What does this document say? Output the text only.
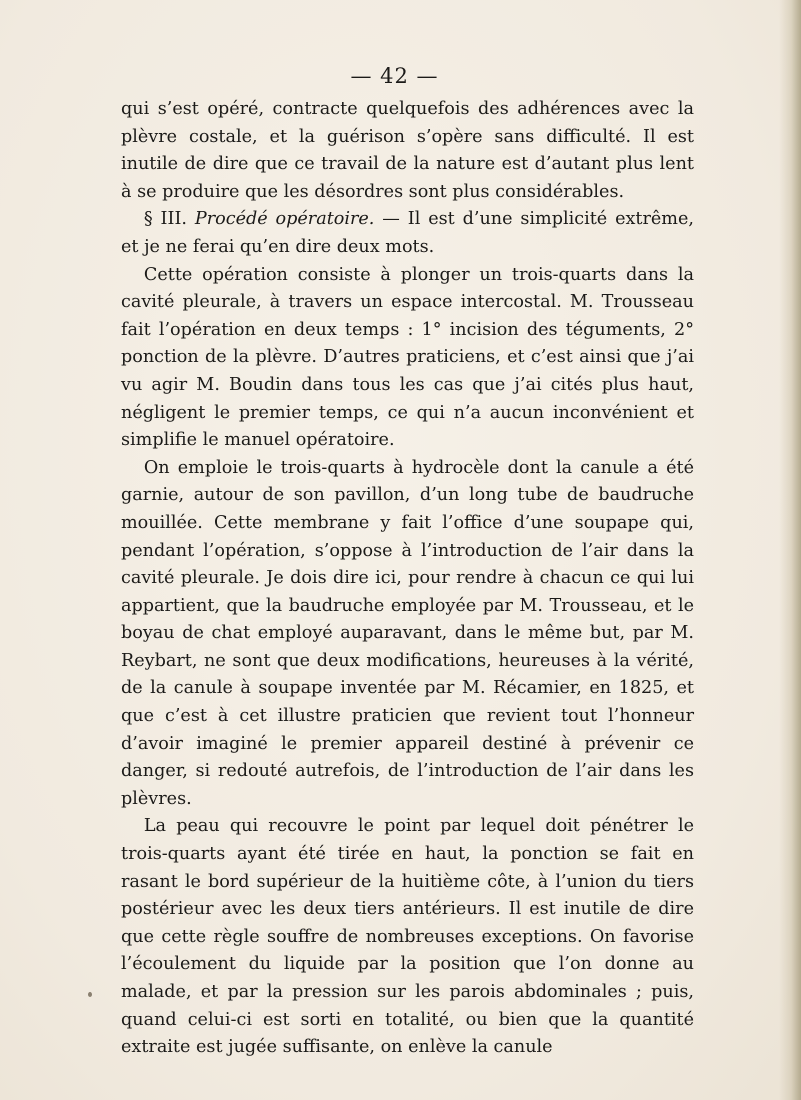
— 42 —

qui s’est opéré, contracte quelquefois des adhérences avec la plèvre costale, et la guérison s’opère sans difficulté. Il est inutile de dire que ce travail de la nature est d’autant plus lent à se produire que les désordres sont plus considérables.

§ III. Procédé opératoire. — Il est d’une simplicité extrême, et je ne ferai qu’en dire deux mots.

Cette opération consiste à plonger un trois-quarts dans la cavité pleurale, à travers un espace intercostal. M. Trousseau fait l’opération en deux temps : 1° incision des téguments, 2° ponction de la plèvre. D’autres praticiens, et c’est ainsi que j’ai vu agir M. Boudin dans tous les cas que j’ai cités plus haut, négligent le premier temps, ce qui n’a aucun inconvénient et simplifie le manuel opératoire.

On emploie le trois-quarts à hydrocèle dont la canule a été garnie, autour de son pavillon, d’un long tube de baudruche mouillée. Cette membrane y fait l’office d’une soupape qui, pendant l’opération, s’oppose à l’introduction de l’air dans la cavité pleurale. Je dois dire ici, pour rendre à chacun ce qui lui appartient, que la baudruche employée par M. Trousseau, et le boyau de chat employé auparavant, dans le même but, par M. Reybart, ne sont que deux modifications, heureuses à la vérité, de la canule à soupape inventée par M. Récamier, en 1825, et que c’est à cet illustre praticien que revient tout l’honneur d’avoir imaginé le premier appareil destiné à prévenir ce danger, si redouté autrefois, de l’introduction de l’air dans les plèvres.

La peau qui recouvre le point par lequel doit pénétrer le trois-quarts ayant été tirée en haut, la ponction se fait en rasant le bord supérieur de la huitième côte, à l’union du tiers postérieur avec les deux tiers antérieurs. Il est inutile de dire que cette règle souffre de nombreuses exceptions. On favorise l’écoulement du liquide par la position que l’on donne au malade, et par la pression sur les parois abdominales ; puis, quand celui-ci est sorti en totalité, ou bien que la quantité extraite est jugée suffisante, on enlève la canule
